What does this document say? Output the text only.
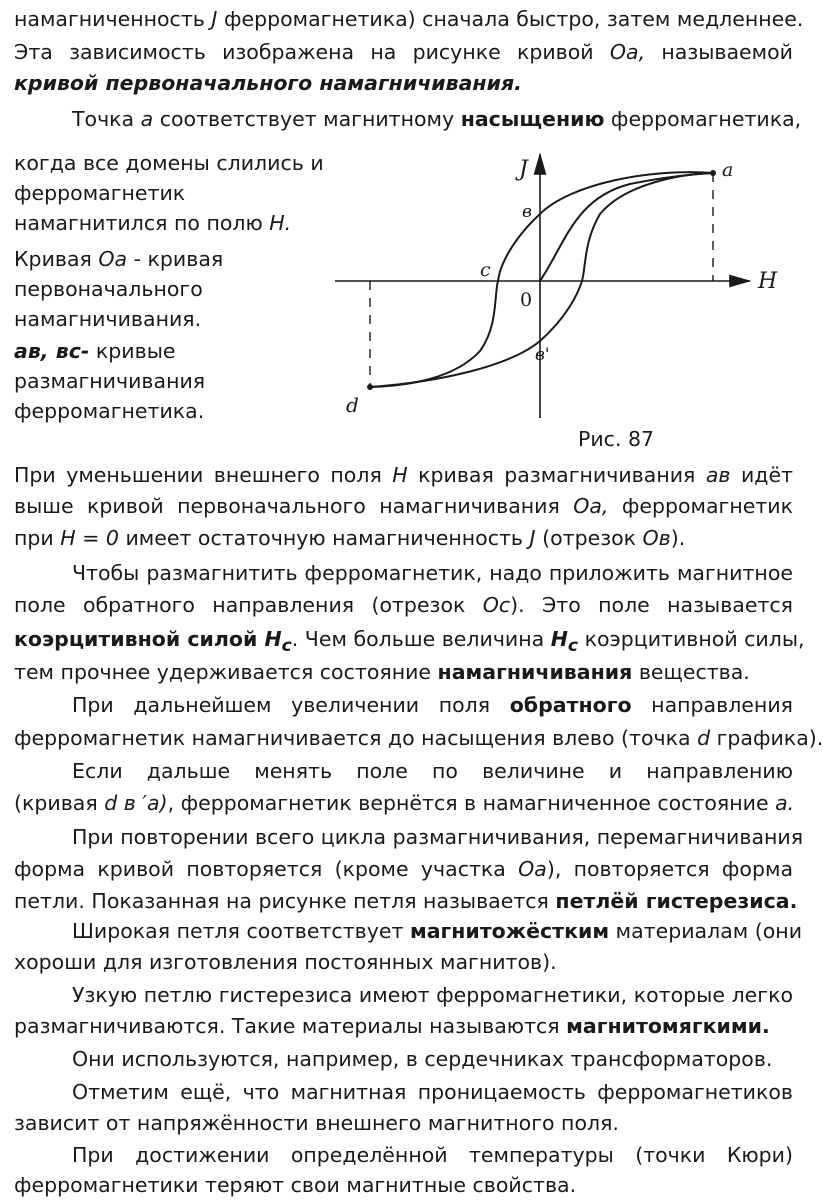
намагниченность J ферромагнетика) сначала быстро, затем медленнее.
Эта зависимость изображена на рисунке кривой Оа, называемой
кривой первоначального намагничивания.
Точка а соответствует магнитному насыщению ферромагнетика,
когда все домены слились и
ферромагнетик
намагнитился по полю H.
Кривая Оа - кривая
первоначального
намагничивания.
ав, вс- кривые
размагничивания
ферромагнетика.
J	a
в
c
0
H
в'
d
Рис. 87
При уменьшении внешнего поля H кривая размагничивания ав идёт
выше кривой первоначального намагничивания Оа, ферромагнетик
при Н = 0 имеет остаточную намагниченность J (отрезок Ов).
Чтобы размагнитить ферромагнетик, надо приложить магнитное
поле обратного направления (отрезок Ос). Это поле называется
коэрцитивной силой $Н_c$. Чем больше величина $Н_c$ коэрцитивной силы,
тем прочнее удерживается состояние намагничивания вещества.
При дальнейшем увеличении поля обратного направления
ферромагнетик намагничивается до насыщения влево (точка d графика).
Если дальше менять поле по величине и направлению
(кривая d в ′а), ферромагнетик вернётся в намагниченное состояние а.
При повторении всего цикла размагничивания, перемагничивания
форма кривой повторяется (кроме участка Оа), повторяется форма
петли. Показанная на рисунке петля называется петлёй гистерезиса.
Широкая петля соответствует магнитожёстким материалам (они
хороши для изготовления постоянных магнитов).
Узкую петлю гистерезиса имеют ферромагнетики, которые легко
размагничиваются. Такие материалы называются магнитомягкими.
Они используются, например, в сердечниках трансформаторов.
Отметим ещё, что магнитная проницаемость ферромагнетиков
зависит от напряжённости внешнего магнитного поля.
При достижении определённой температуры (точки Кюри)
ферромагнетики теряют свои магнитные свойства.
